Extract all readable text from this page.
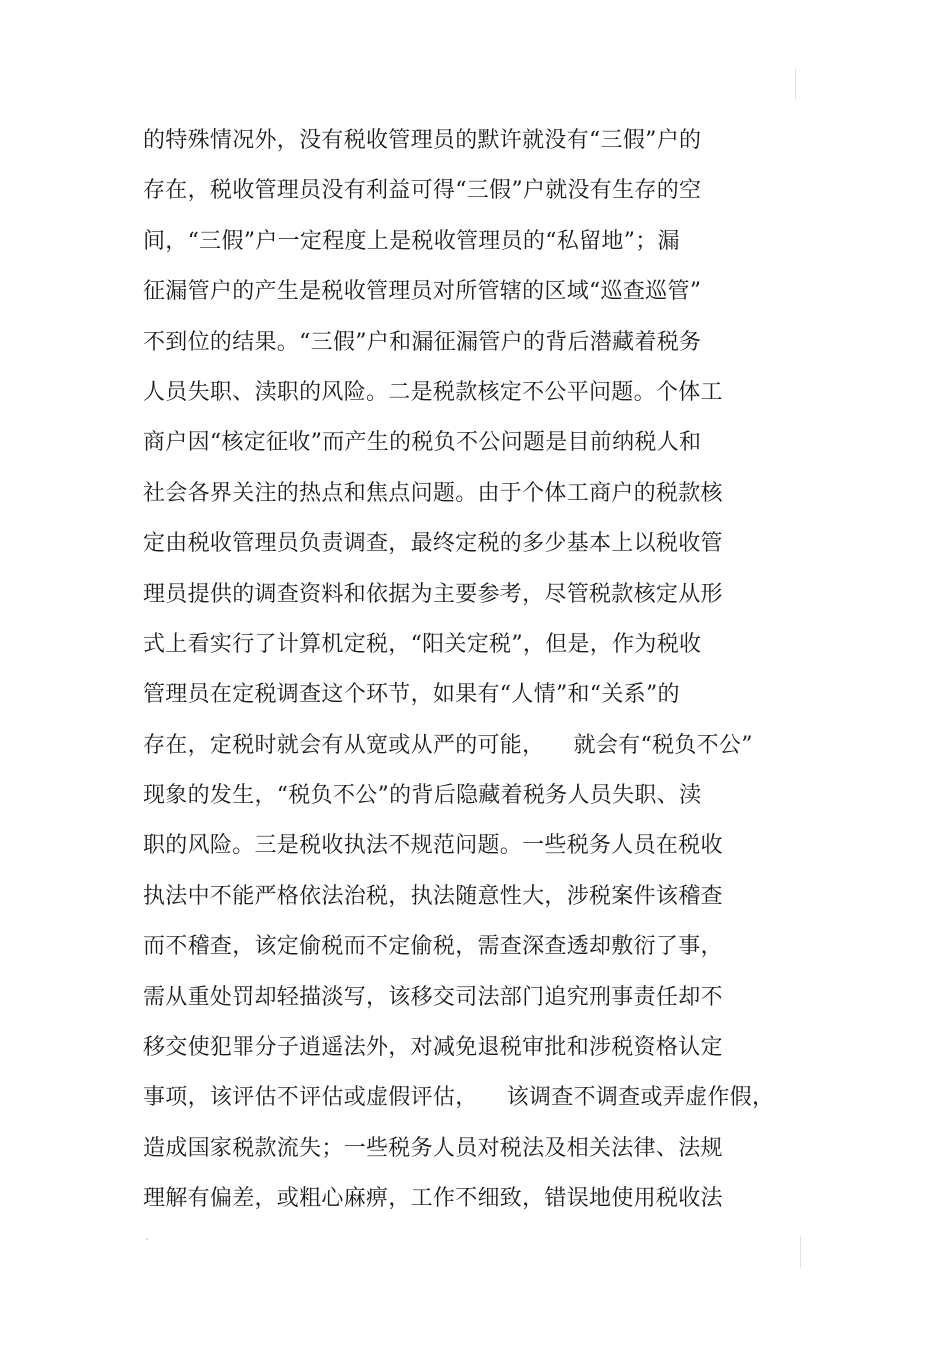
的特殊情况外，没有税收管理员的默许就没有“三假”户的
存在，税收管理员没有利益可得“三假”户就没有生存的空
间，“三假”户一定程度上是税收管理员的“私留地”；漏
征漏管户的产生是税收管理员对所管辖的区域“巡查巡管”
不到位的结果。“三假”户和漏征漏管户的背后潜藏着税务
人员失职、渎职的风险。二是税款核定不公平问题。个体工
商户因“核定征收”而产生的税负不公问题是目前纳税人和
社会各界关注的热点和焦点问题。由于个体工商户的税款核
定由税收管理员负责调查，最终定税的多少基本上以税收管
理员提供的调查资料和依据为主要参考，尽管税款核定从形
式上看实行了计算机定税，“阳关定税”，但是，作为税收
管理员在定税调查这个环节，如果有“人情”和“关系”的
存在，定税时就会有从宽或从严的可能，    就会有“税负不公”
现象的发生，“税负不公”的背后隐藏着税务人员失职、渎
职的风险。三是税收执法不规范问题。一些税务人员在税收
执法中不能严格依法治税，执法随意性大，涉税案件该稽查
而不稽查，该定偷税而不定偷税，需查深查透却敷衍了事，
需从重处罚却轻描淡写，该移交司法部门追究刑事责任却不
移交使犯罪分子逍遥法外，对减免退税审批和涉税资格认定
事项，该评估不评估或虚假评估，    该调查不调查或弄虚作假，
造成国家税款流失；一些税务人员对税法及相关法律、法规
理解有偏差，或粗心麻痹，工作不细致，错误地使用税收法
